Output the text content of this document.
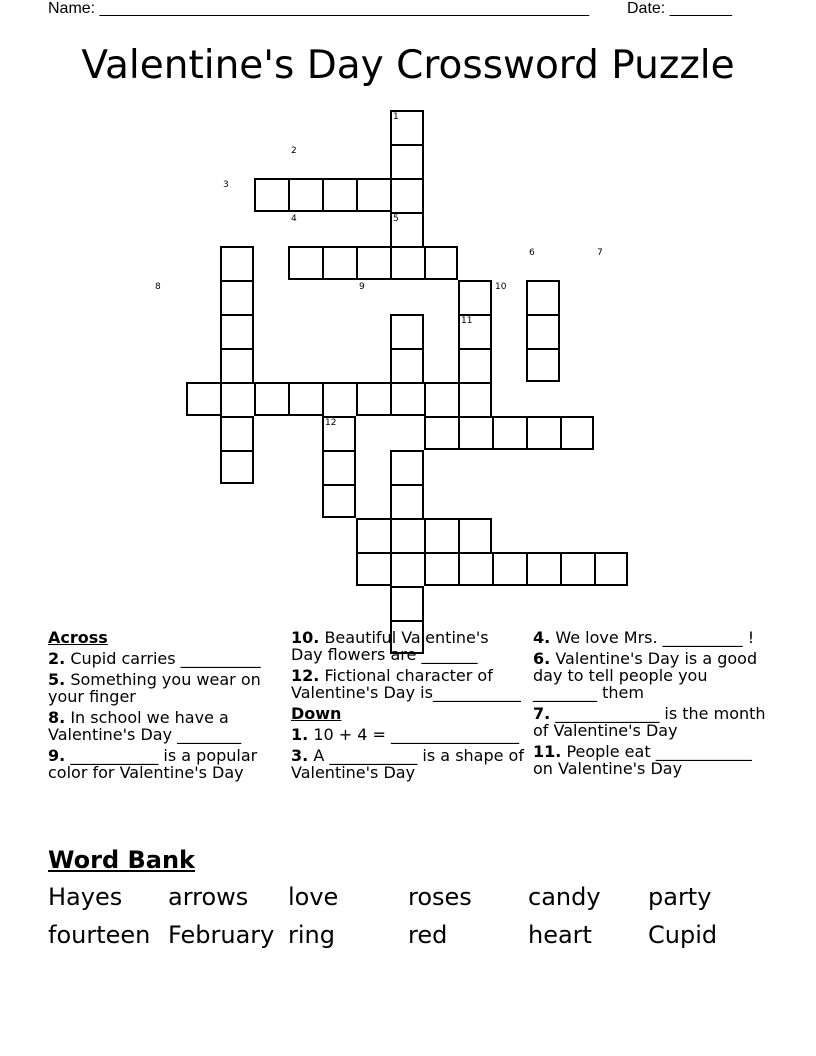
Name: _______________________________________________________ Date: _______
Valentine's Day Crossword Puzzle
1
2
3
4	5
6	7
8	9	10
11
12
Across
2. Cupid carries __________
5. Something you wear on your finger
8. In school we have a Valentine's Day ________
9. ___________ is a popular color for Valentine's Day
10. Beautiful Valentine's Day flowers are _______
12. Fictional character of Valentine's Day is___________
Down
1. 10 + 4 = ________________
3. A ___________ is a shape of Valentine's Day
4. We love Mrs. __________ !
6. Valentine's Day is a good day to tell people you ________ them
7. _____________ is the month of Valentine's Day
11. People eat ____________ on Valentine's Day
Word Bank
Hayes arrows love	roses candy party
fourteen February ring	red	heart Cupid
